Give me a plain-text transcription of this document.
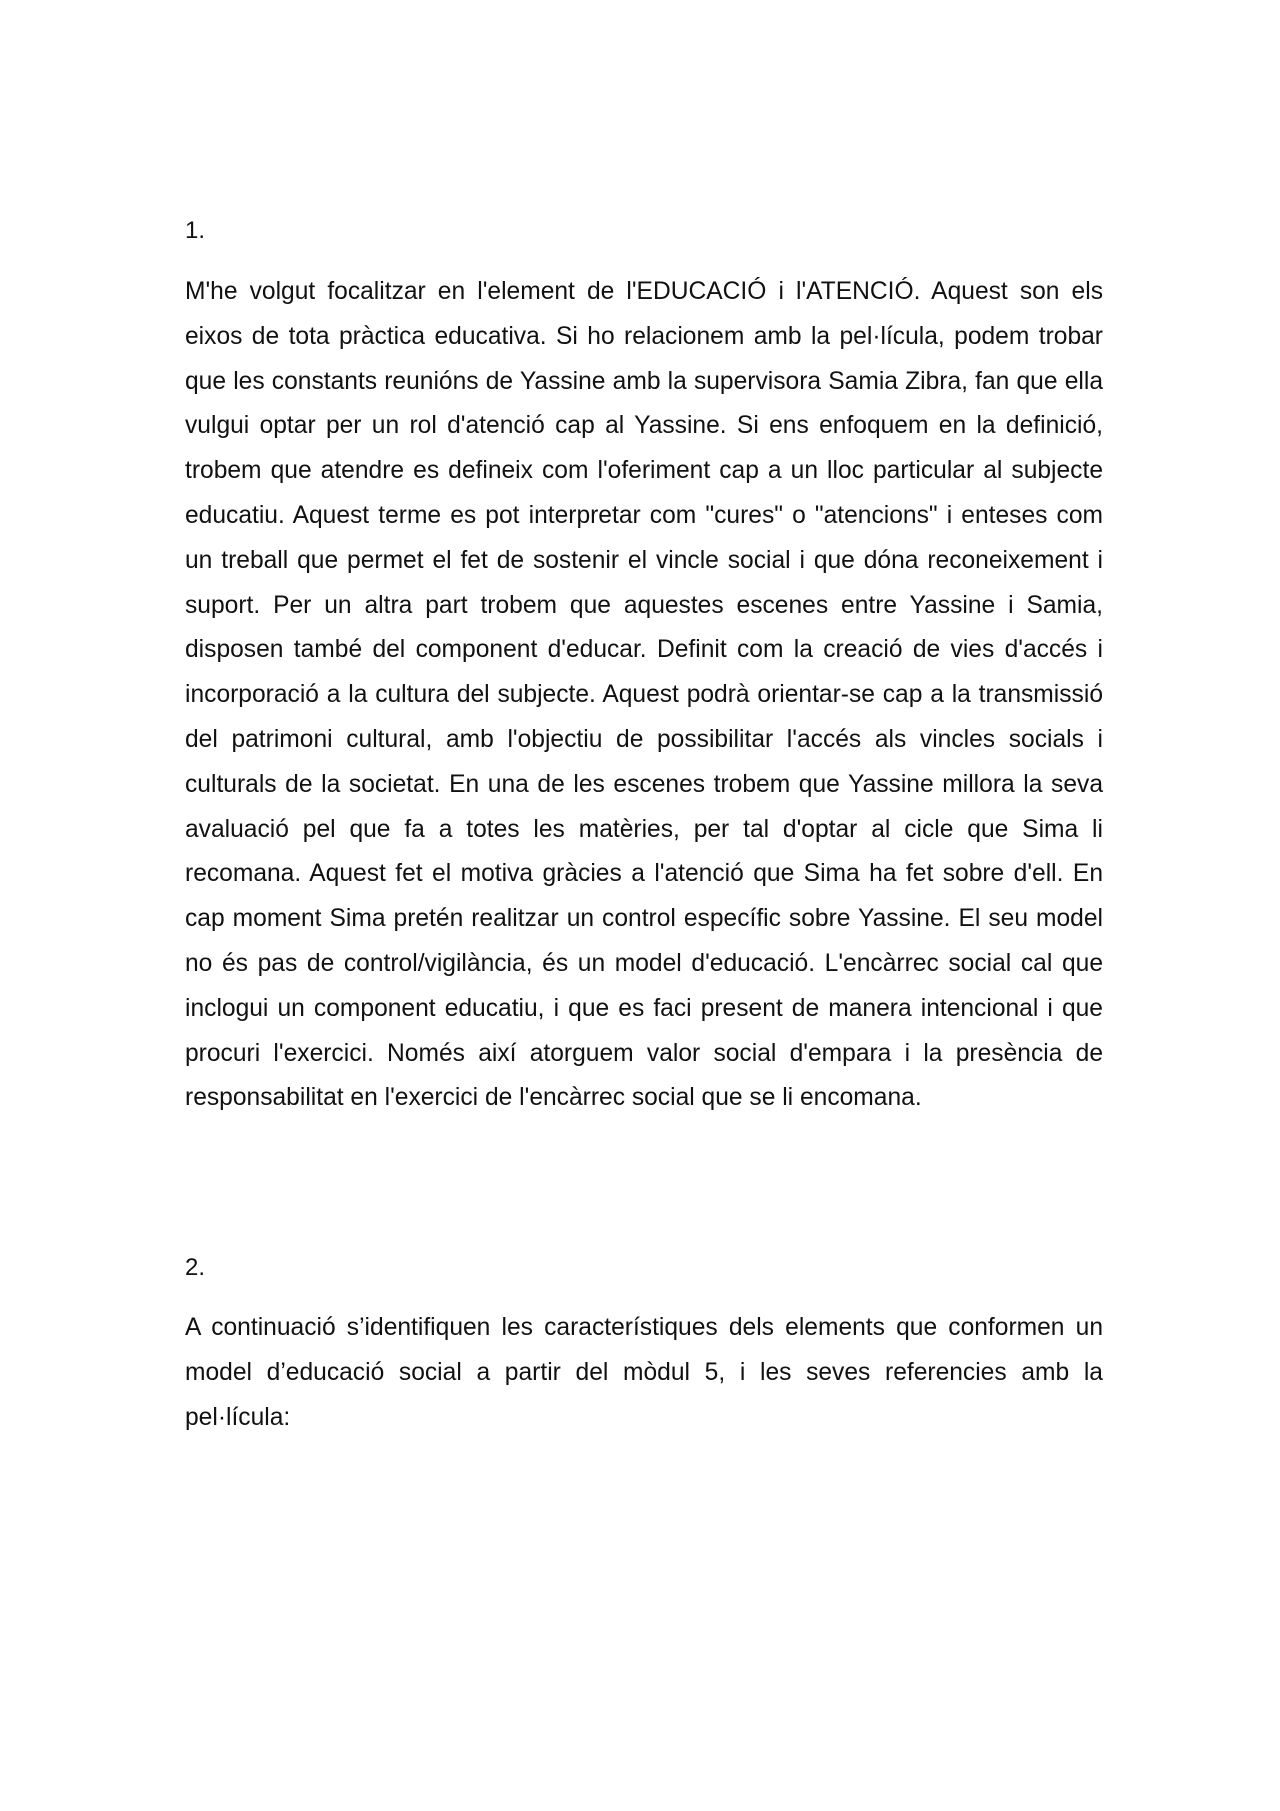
1.

M'he volgut focalitzar en l'element de l'EDUCACIÓ i l'ATENCIÓ. Aquest son els eixos de tota pràctica educativa. Si ho relacionem amb la pel·lícula, podem trobar que les constants reunións de Yassine amb la supervisora Samia Zibra, fan que ella vulgui optar per un rol d'atenció cap al Yassine. Si ens enfoquem en la definició, trobem que atendre es defineix com l'oferiment cap a un lloc particular al subjecte educatiu. Aquest terme es pot interpretar com "cures" o "atencions" i enteses com un treball que permet el fet de sostenir el vincle social i que dóna reconeixement i suport. Per un altra part trobem que aquestes escenes entre Yassine i Samia, disposen també del component d'educar. Definit com la creació de vies d'accés i incorporació a la cultura del subjecte. Aquest podrà orientar-se cap a la transmissió del patrimoni cultural, amb l'objectiu de possibilitar l'accés als vincles socials i culturals de la societat. En una de les escenes trobem que Yassine millora la seva avaluació pel que fa a totes les matèries, per tal d'optar al cicle que Sima li recomana. Aquest fet el motiva gràcies a l'atenció que Sima ha fet sobre d'ell. En cap moment Sima pretén realitzar un control específic sobre Yassine. El seu model no és pas de control/vigilància, és un model d'educació. L'encàrrec social cal que inclogui un component educatiu, i que es faci present de manera intencional i que procuri l'exercici. Només així atorguem valor social d'empara i la presència de responsabilitat en l'exercici de l'encàrrec social que se li encomana.

2.

A continuació s’identifiquen les característiques dels elements que conformen un model d’educació social a partir del mòdul 5, i les seves referencies amb la pel·lícula:
